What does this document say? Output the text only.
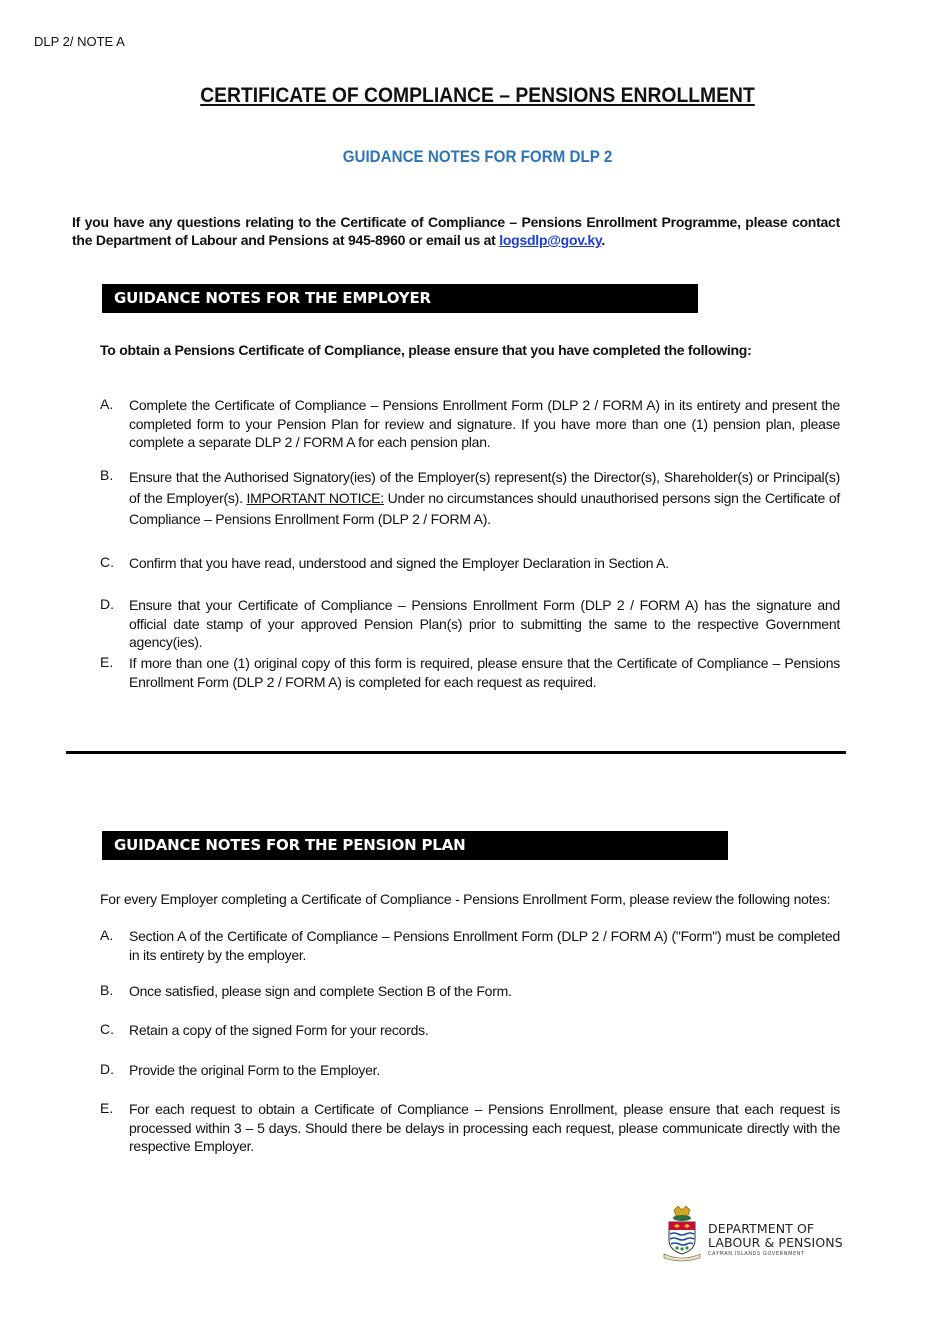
DLP 2/ NOTE A
CERTIFICATE OF COMPLIANCE – PENSIONS ENROLLMENT
GUIDANCE NOTES FOR FORM DLP 2
If you have any questions relating to the Certificate of Compliance – Pensions Enrollment Programme, please contact the Department of Labour and Pensions at 945-8960 or email us at logsdlp@gov.ky.
GUIDANCE NOTES FOR THE EMPLOYER
To obtain a Pensions Certificate of Compliance, please ensure that you have completed the following:
A. Complete the Certificate of Compliance – Pensions Enrollment Form (DLP 2 / FORM A) in its entirety and present the completed form to your Pension Plan for review and signature. If you have more than one (1) pension plan, please complete a separate DLP 2 / FORM A for each pension plan.
B. Ensure that the Authorised Signatory(ies) of the Employer(s) represent(s) the Director(s), Shareholder(s) or Principal(s) of the Employer(s). IMPORTANT NOTICE: Under no circumstances should unauthorised persons sign the Certificate of Compliance – Pensions Enrollment Form (DLP 2 / FORM A).
C. Confirm that you have read, understood and signed the Employer Declaration in Section A.
D. Ensure that your Certificate of Compliance – Pensions Enrollment Form (DLP 2 / FORM A) has the signature and official date stamp of your approved Pension Plan(s) prior to submitting the same to the respective Government agency(ies).
E. If more than one (1) original copy of this form is required, please ensure that the Certificate of Compliance – Pensions Enrollment Form (DLP 2 / FORM A) is completed for each request as required.
GUIDANCE NOTES FOR THE PENSION PLAN
For every Employer completing a Certificate of Compliance - Pensions Enrollment Form, please review the following notes:
A. Section A of the Certificate of Compliance – Pensions Enrollment Form (DLP 2 / FORM A) ("Form") must be completed in its entirety by the employer.
B. Once satisfied, please sign and complete Section B of the Form.
C. Retain a copy of the signed Form for your records.
D. Provide the original Form to the Employer.
E. For each request to obtain a Certificate of Compliance – Pensions Enrollment, please ensure that each request is processed within 3 – 5 days. Should there be delays in processing each request, please communicate directly with the respective Employer.
DEPARTMENT OF
LABOUR & PENSIONS
CAYMAN ISLANDS GOVERNMENT
